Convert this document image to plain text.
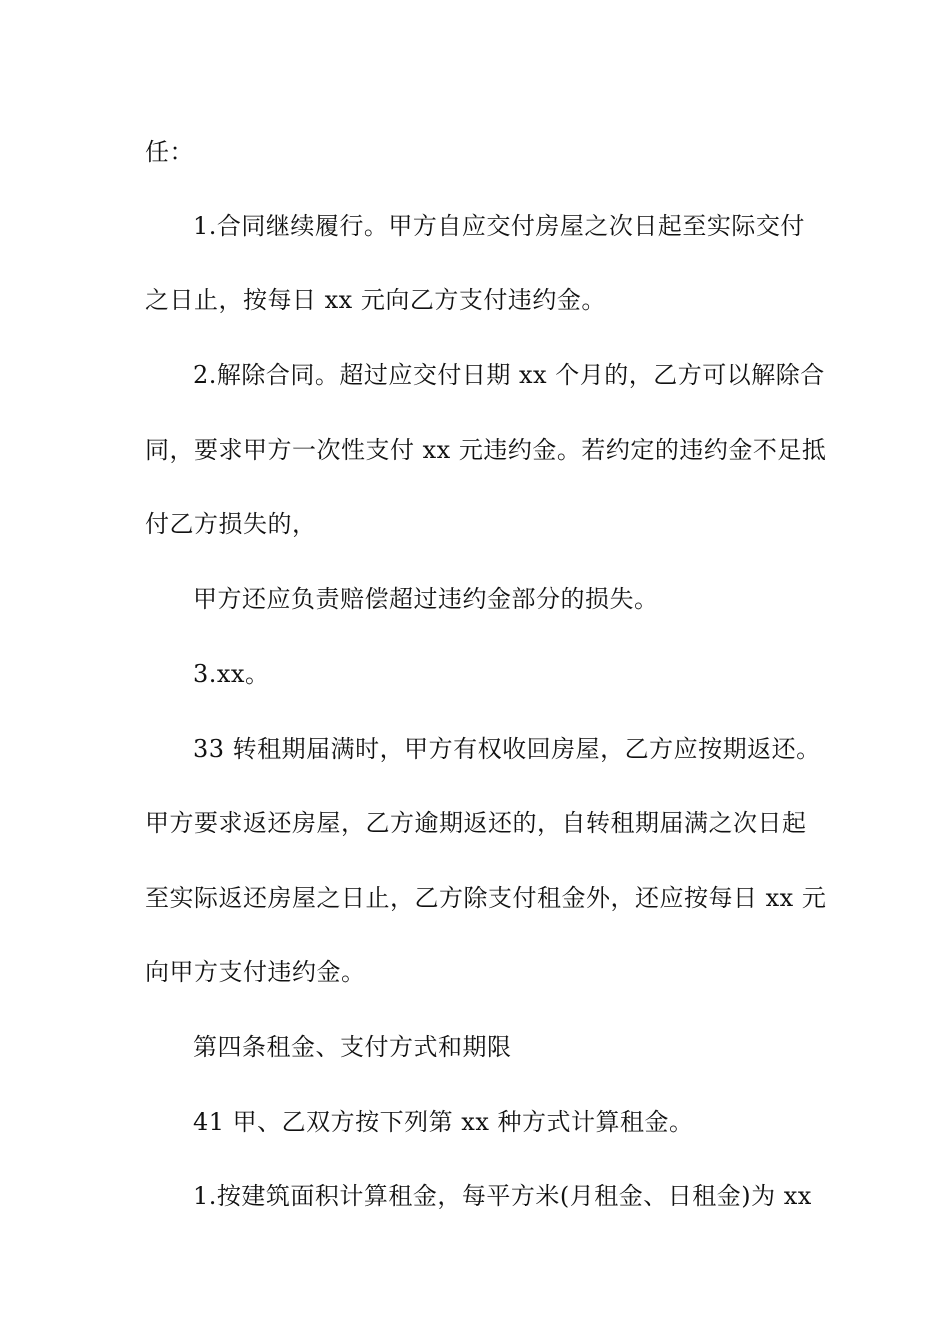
任：
1.合同继续履行。甲方自应交付房屋之次日起至实际交付
之日止，按每日 xx 元向乙方支付违约金。
2.解除合同。超过应交付日期 xx 个月的，乙方可以解除合
同，要求甲方一次性支付 xx 元违约金。若约定的违约金不足抵
付乙方损失的，
甲方还应负责赔偿超过违约金部分的损失。
3.xx。
33 转租期届满时，甲方有权收回房屋，乙方应按期返还。
甲方要求返还房屋，乙方逾期返还的，自转租期届满之次日起
至实际返还房屋之日止，乙方除支付租金外，还应按每日 xx 元
向甲方支付违约金。
第四条租金、支付方式和期限
41 甲、乙双方按下列第 xx 种方式计算租金。
1.按建筑面积计算租金，每平方米(月租金、日租金)为 xx
